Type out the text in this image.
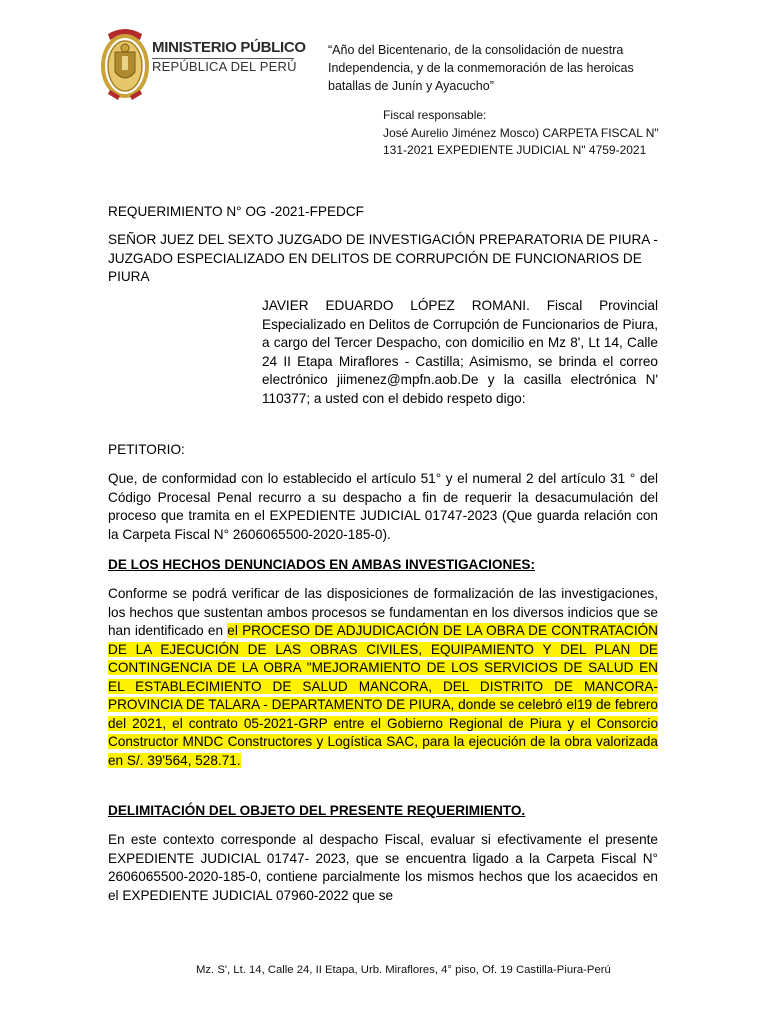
MINISTERIO PÚBLICO
REPÚBLICA DEL PERÚ
“Año del Bicentenario, de la consolidación de nuestra Independencia, y de la conmemoración de las heroicas batallas de Junín y Ayacucho”
Fiscal responsable:
José Aurelio Jiménez Mosco) CARPETA FISCAL N" 131-2021 EXPEDIENTE JUDICIAL N" 4759-2021
REQUERIMIENTO N° OG -2021-FPEDCF
SEÑOR JUEZ DEL SEXTO JUZGADO DE INVESTIGACIÓN PREPARATORIA DE PIURA - JUZGADO ESPECIALIZADO EN DELITOS DE CORRUPCIÓN DE FUNCIONARIOS DE PIURA
JAVIER EDUARDO LÓPEZ ROMANI. Fiscal Provincial Especializado en Delitos de Corrupción de Funcionarios de Piura, a cargo del Tercer Despacho, con domicilio en Mz 8', Lt 14, Calle 24 II Etapa Miraflores - Castilla; Asimismo, se brinda el correo electrónico jiimenez@mpfn.aob.De y la casilla electrónica N' 110377; a usted con el debido respeto digo:
PETITORIO:
Que, de conformidad con lo establecido el artículo 51° y el numeral 2 del artículo 31 ° del Código Procesal Penal recurro a su despacho a fin de requerir la desacumulación del proceso que tramita en el EXPEDIENTE JUDICIAL 01747-2023 (Que guarda relación con la Carpeta Fiscal N° 2606065500-2020-185-0).
DE LOS HECHOS DENUNCIADOS EN AMBAS INVESTIGACIONES:
Conforme se podrá verificar de las disposiciones de formalización de las investigaciones, los hechos que sustentan ambos procesos se fundamentan en los diversos indicios que se han identificado en el PROCESO DE ADJUDICACIÓN DE LA OBRA DE CONTRATACIÓN DE LA EJECUCIÓN DE LAS OBRAS CIVILES, EQUIPAMIENTO Y DEL PLAN DE CONTINGENCIA DE LA OBRA "MEJORAMIENTO DE LOS SERVICIOS DE SALUD EN EL ESTABLECIMIENTO DE SALUD MANCORA, DEL DISTRITO DE MANCORA- PROVINCIA DE TALARA - DEPARTAMENTO DE PIURA, donde se celebró el19 de febrero del 2021, el contrato 05-2021-GRP entre el Gobierno Regional de Piura y el Consorcio Constructor MNDC Constructores y Logística SAC, para la ejecución de la obra valorizada en S/. 39'564, 528.71.
DELIMITACIÓN DEL OBJETO DEL PRESENTE REQUERIMIENTO.
En este contexto corresponde al despacho Fiscal, evaluar si efectivamente el presente EXPEDIENTE JUDICIAL 01747- 2023, que se encuentra ligado a la Carpeta Fiscal N° 2606065500-2020-185-0, contiene parcialmente los mismos hechos que los acaecidos en el EXPEDIENTE JUDICIAL 07960-2022 que se
Mz. S', Lt. 14, Calle 24, II Etapa, Urb. Miraflores, 4° piso, Of. 19 Castilla-Piura-Perú
